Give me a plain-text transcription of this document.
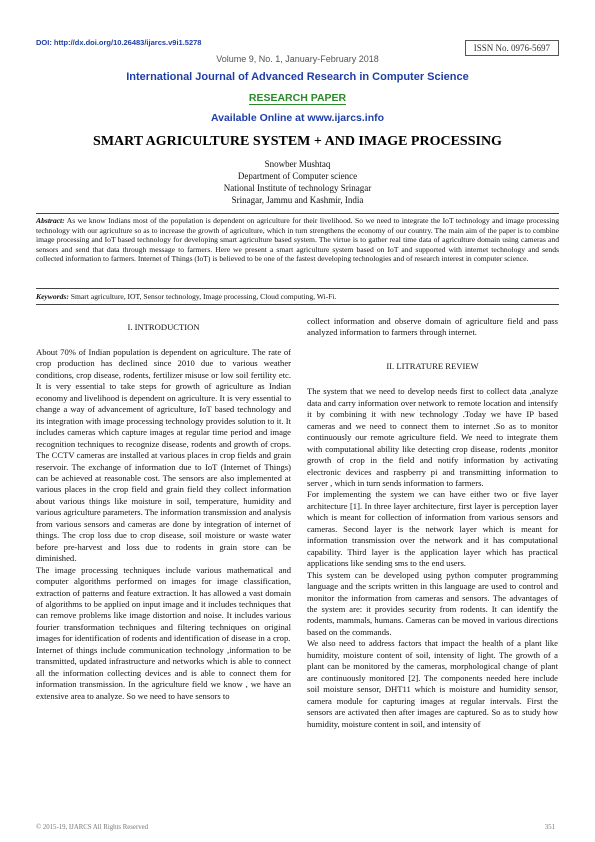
DOI: http://dx.doi.org/10.26483/ijarcs.v9i1.5278
ISSN No. 0976-5697
Volume 9, No. 1, January-February 2018
International Journal of Advanced Research in Computer Science
RESEARCH PAPER
Available Online at www.ijarcs.info
SMART AGRICULTURE SYSTEM + AND IMAGE PROCESSING
Snowber Mushtaq
Department of Computer science
National Institute of technology Srinagar
Srinagar, Jammu and Kashmir, India
Abstract: As we know Indians most of the population is dependent on agriculture for their livelihood. So we need to integrate the IoT technology and image processing technology with our agriculture so as to increase the growth of agriculture, which in turn strengthens the economy of our country. The main aim of the paper is to combine image processing and IoT based technology for developing smart agriculture based system. The virtue is to gather real time data of agriculture domain using cameras and sensors and send that data through message to farmers. Here we present a smart agriculture system based on IoT and supported with internet technology and sends collected information to farmers. Internet of Things (IoT) is believed to be one of the fastest developing technologies and of research interest in computer science.
Keywords: Smart agriculture, IOT, Sensor technology, Image processing, Cloud computing, Wi-Fi.

I. INTRODUCTION

About 70% of Indian population is dependent on agriculture. The rate of crop production has declined since 2010 due to various weather conditions, crop disease, rodents, fertilizer misuse or low soil fertility etc. It is very essential to take steps for growth of agriculture as Indian economy and livelihood is dependent on agriculture. It is very essential to change a way of advancement of agriculture, IoT based technology and its integration with image processing technology provides solution to it. It includes cameras which capture images at regular time period and image recognition techniques to recognize disease, rodents and growth of crops. The CCTV cameras are installed at various places in crop fields and grain reservoir. The exchange of information due to IoT (Internet of Things) can be achieved at reasonable cost. The sensors are also implemented at various places in the crop field and grain field they collect information about various things like moisture in soil, temperature, humidity and various agriculture parameters. The information transmission and analysis from various sensors and cameras are done by integration of internet of things. The crop loss due to crop disease, soil moisture or waste water before pre-harvest and loss due to rodents in grain store can be diminished.

The image processing techniques include various mathematical and computer algorithms performed on images for image classification, extraction of patterns and feature extraction. It has allowed a vast domain of algorithms to be applied on input image and it includes techniques that can remove problems like image distortion and noise. It includes various fourier transformation techniques and filtering techniques on original images for identification of rodents and identification of disease in a crop.

Internet of things include communication technology ,information to be transmitted, updated infrastructure and networks which is able to connect all the information collecting devices and is able to connect them for information transmission. In the agriculture field we know , we have an extensive area to analyze. So we need to have sensors to

collect information and observe domain of agriculture field and pass analyzed information to farmers through internet.

II. LITRATURE REVIEW

The system that we need to develop needs first to collect data ,analyze data and carry information over network to remote location and intensify it by combining it with new technology .Today we have IP based cameras and we need to connect them to internet .So as to monitor continuously our remote agriculture field. We need to integrate them with computational ability like detecting crop disease, rodents ,monitor growth of crop in the field and notify information by activating electronic devices and raspberry pi and transmitting information to server , which in turn sends information to farmers.

For implementing the system we can have either two or five layer architecture [1]. In three layer architecture, first layer is perception layer which is meant for collection of information from various sensors and cameras. Second layer is the network layer which is meant for information transmission over the network and it has computational capability. Third layer is the application layer which has practical applications like sending sms to the end users.

This system can be developed using python computer programming language and the scripts written in this language are used to control and monitor the information from cameras and sensors. The advantages of the system are: it provides security from rodents. It can identify the rodents, mammals, humans. Cameras can be moved in various directions based on the commands.

We also need to address factors that impact the health of a plant like humidity, moisture content of soil, intensity of light. The growth of a plant can be monitored by the cameras, morphological change of plant are continuously monitored [2]. The components needed here include soil moisture sensor, DHT11 which is moisture and humidity sensor, camera module for capturing images at regular intervals. First the sensors are activated then after images are captured. So as to study how humidity, moisture content in soil, and intensity of

© 2015-19, IJARCS All Rights Reserved	351
